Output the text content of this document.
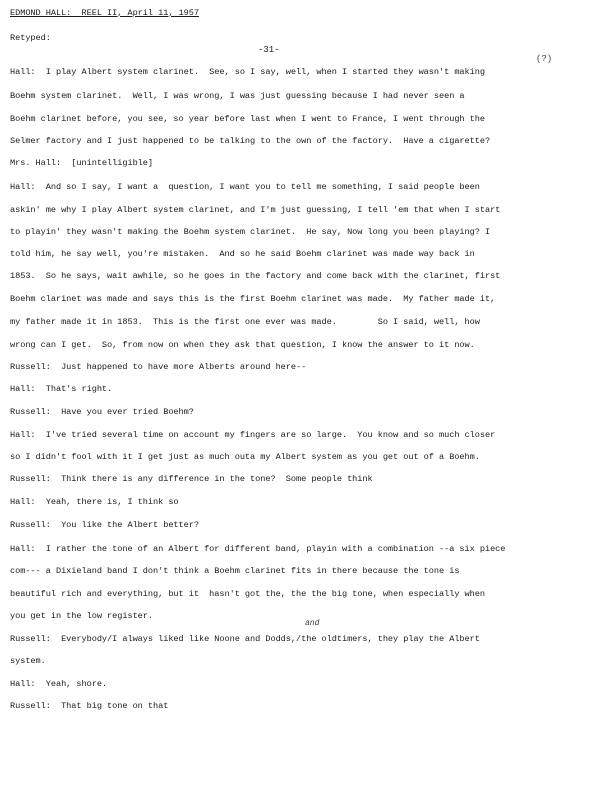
EDMOND HALL:  REEL II, April 11, 1957
Retyped:
-31-
(?)
Hall:  I play Albert system clarinet.  See, so I say, well, when I started they wasn't making
Boehm system clarinet.  Well, I was wrong, I was just guessing because I had never seen a
Boehm clarinet before, you see, so year before last when I went to France, I went through the
Selmer factory and I just happened to be talking to the own of the factory.  Have a cigarette?
Mrs. Hall:  [unintelligible]
Hall:  And so I say, I want a  question, I want you to tell me something, I said people been
askin' me why I play Albert system clarinet, and I'm just guessing, I tell 'em that when I start
to playin' they wasn't making the Boehm system clarinet.  He say, Now long you been playing? I
told him, he say well, you're mistaken.  And so he said Boehm clarinet was made way back in
1853.  So he says, wait awhile, so he goes in the factory and come back with the clarinet, first
Boehm clarinet was made and says this is the first Boehm clarinet was made.  My father made it,
my father made it in 1853.  This is the first one ever was made.        So I said, well, how
wrong can I get.  So, from now on when they ask that question, I know the answer to it now.
Russell:  Just happened to have more Alberts around here--
Hall:  That's right.
Russell:  Have you ever tried Boehm?
Hall:  I've tried several time on account my fingers are so large.  You know and so much closer
so I didn't fool with it I get just as much outa my Albert system as you get out of a Boehm.
Russell:  Think there is any difference in the tone?  Some people think
Hall:  Yeah, there is, I think so
Russell:  You like the Albert better?
Hall:  I rather the tone of an Albert for different band, playin with a combination --a six piece
com--- a Dixieland band I don't think a Boehm clarinet fits in there because the tone is
beautiful rich and everything, but it  hasn't got the, the the big tone, when especially when
you get in the low register.
and
Russell:  Everybody/I always liked like Noone and Dodds,/the oldtimers, they play the Albert
system.
Hall:  Yeah, shore.
Russell:  That big tone on that
